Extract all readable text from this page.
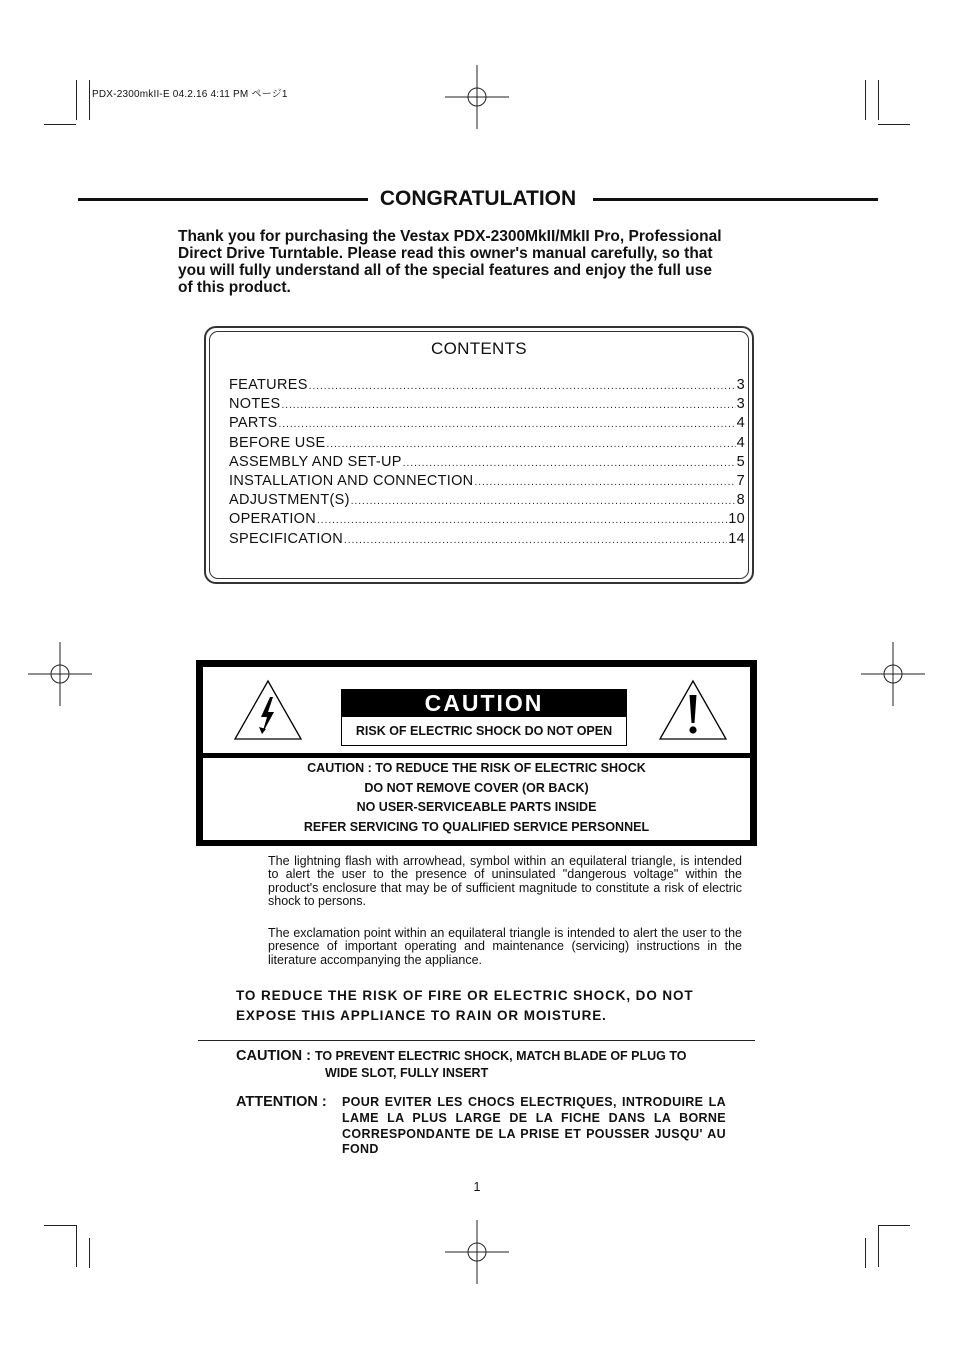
PDX-2300mkII-E 04.2.16 4:11 PM ページ1
CONGRATULATION
Thank you for purchasing the Vestax PDX-2300MkII/MkII Pro, Professional
Direct Drive Turntable. Please read this owner's manual carefully, so that
you will fully understand all of the special features and enjoy the full use
of this product.
CONTENTS
FEATURES .....	3
NOTES .....	3
PARTS .....	4
BEFORE USE .....	4
ASSEMBLY AND SET-UP .....	5
INSTALLATION AND CONNECTION .....	7
ADJUSTMENT(S) .....	8
OPERATION .....	10
SPECIFICATION .....	14
CAUTION
RISK OF ELECTRIC SHOCK DO NOT OPEN
CAUTION : TO REDUCE THE RISK OF ELECTRIC SHOCK
DO NOT REMOVE COVER (OR BACK)
NO USER-SERVICEABLE PARTS INSIDE
REFER SERVICING TO QUALIFIED SERVICE PERSONNEL
The lightning flash with arrowhead, symbol within an equilateral triangle, is intended to alert the user to the presence of uninsulated "dangerous voltage" within the product's enclosure that may be of sufficient magnitude to constitute a risk of electric shock to persons.
The exclamation point within an equilateral triangle is intended to alert the user to the presence of important operating and maintenance (servicing) instructions in the literature accompanying the appliance.
TO REDUCE THE RISK OF FIRE OR ELECTRIC SHOCK, DO NOT
EXPOSE THIS APPLIANCE TO RAIN OR MOISTURE.
CAUTION : TO PREVENT ELECTRIC SHOCK, MATCH BLADE OF PLUG TO
WIDE SLOT, FULLY INSERT
ATTENTION :	POUR EVITER LES CHOCS ELECTRIQUES, INTRODUIRE LA LAME LA PLUS LARGE DE LA FICHE DANS LA BORNE CORRESPONDANTE DE LA PRISE ET POUSSER JUSQU' AU FOND
1
